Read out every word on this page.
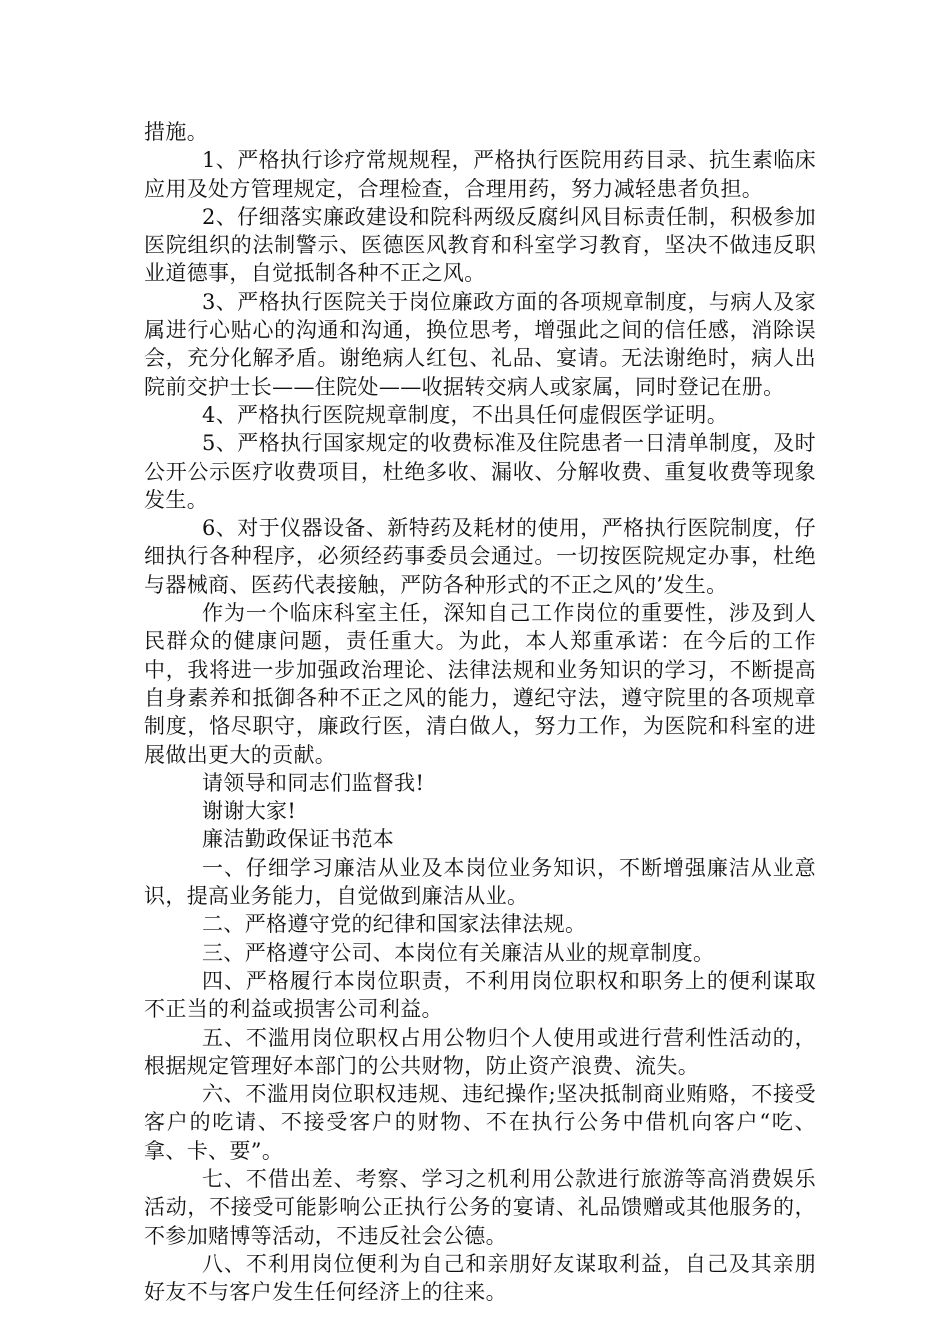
措施。

1、严格执行诊疗常规规程，严格执行医院用药目录、抗生素临床应用及处方管理规定，合理检查，合理用药，努力减轻患者负担。

2、仔细落实廉政建设和院科两级反腐纠风目标责任制，积极参加医院组织的法制警示、医德医风教育和科室学习教育，坚决不做违反职业道德事，自觉抵制各种不正之风。

3、严格执行医院关于岗位廉政方面的各项规章制度，与病人及家属进行心贴心的沟通和沟通，换位思考，增强此之间的信任感，消除误会，充分化解矛盾。谢绝病人红包、礼品、宴请。无法谢绝时，病人出院前交护士长——住院处——收据转交病人或家属，同时登记在册。

4、严格执行医院规章制度，不出具任何虚假医学证明。

5、严格执行国家规定的收费标准及住院患者一日清单制度，及时公开公示医疗收费项目，杜绝多收、漏收、分解收费、重复收费等现象发生。

6、对于仪器设备、新特药及耗材的使用，严格执行医院制度，仔细执行各种程序，必须经药事委员会通过。一切按医院规定办事，杜绝与器械商、医药代表接触，严防各种形式的不正之风的’发生。

作为一个临床科室主任，深知自己工作岗位的重要性，涉及到人民群众的健康问题，责任重大。为此，本人郑重承诺：在今后的工作中，我将进一步加强政治理论、法律法规和业务知识的学习，不断提高自身素养和抵御各种不正之风的能力，遵纪守法，遵守院里的各项规章制度，恪尽职守，廉政行医，清白做人，努力工作，为医院和科室的进展做出更大的贡献。

请领导和同志们监督我!

谢谢大家!

廉洁勤政保证书范本

一、仔细学习廉洁从业及本岗位业务知识，不断增强廉洁从业意识，提高业务能力，自觉做到廉洁从业。

二、严格遵守党的纪律和国家法律法规。

三、严格遵守公司、本岗位有关廉洁从业的规章制度。

四、严格履行本岗位职责，不利用岗位职权和职务上的便利谋取不正当的利益或损害公司利益。

五、不滥用岗位职权占用公物归个人使用或进行营利性活动的，根据规定管理好本部门的公共财物，防止资产浪费、流失。

六、不滥用岗位职权违规、违纪操作;坚决抵制商业贿赂，不接受客户的吃请、不接受客户的财物、不在执行公务中借机向客户“吃、拿、卡、要”。

七、不借出差、考察、学习之机利用公款进行旅游等高消费娱乐活动，不接受可能影响公正执行公务的宴请、礼品馈赠或其他服务的，不参加赌博等活动，不违反社会公德。

八、不利用岗位便利为自己和亲朋好友谋取利益，自己及其亲朋好友不与客户发生任何经济上的往来。
